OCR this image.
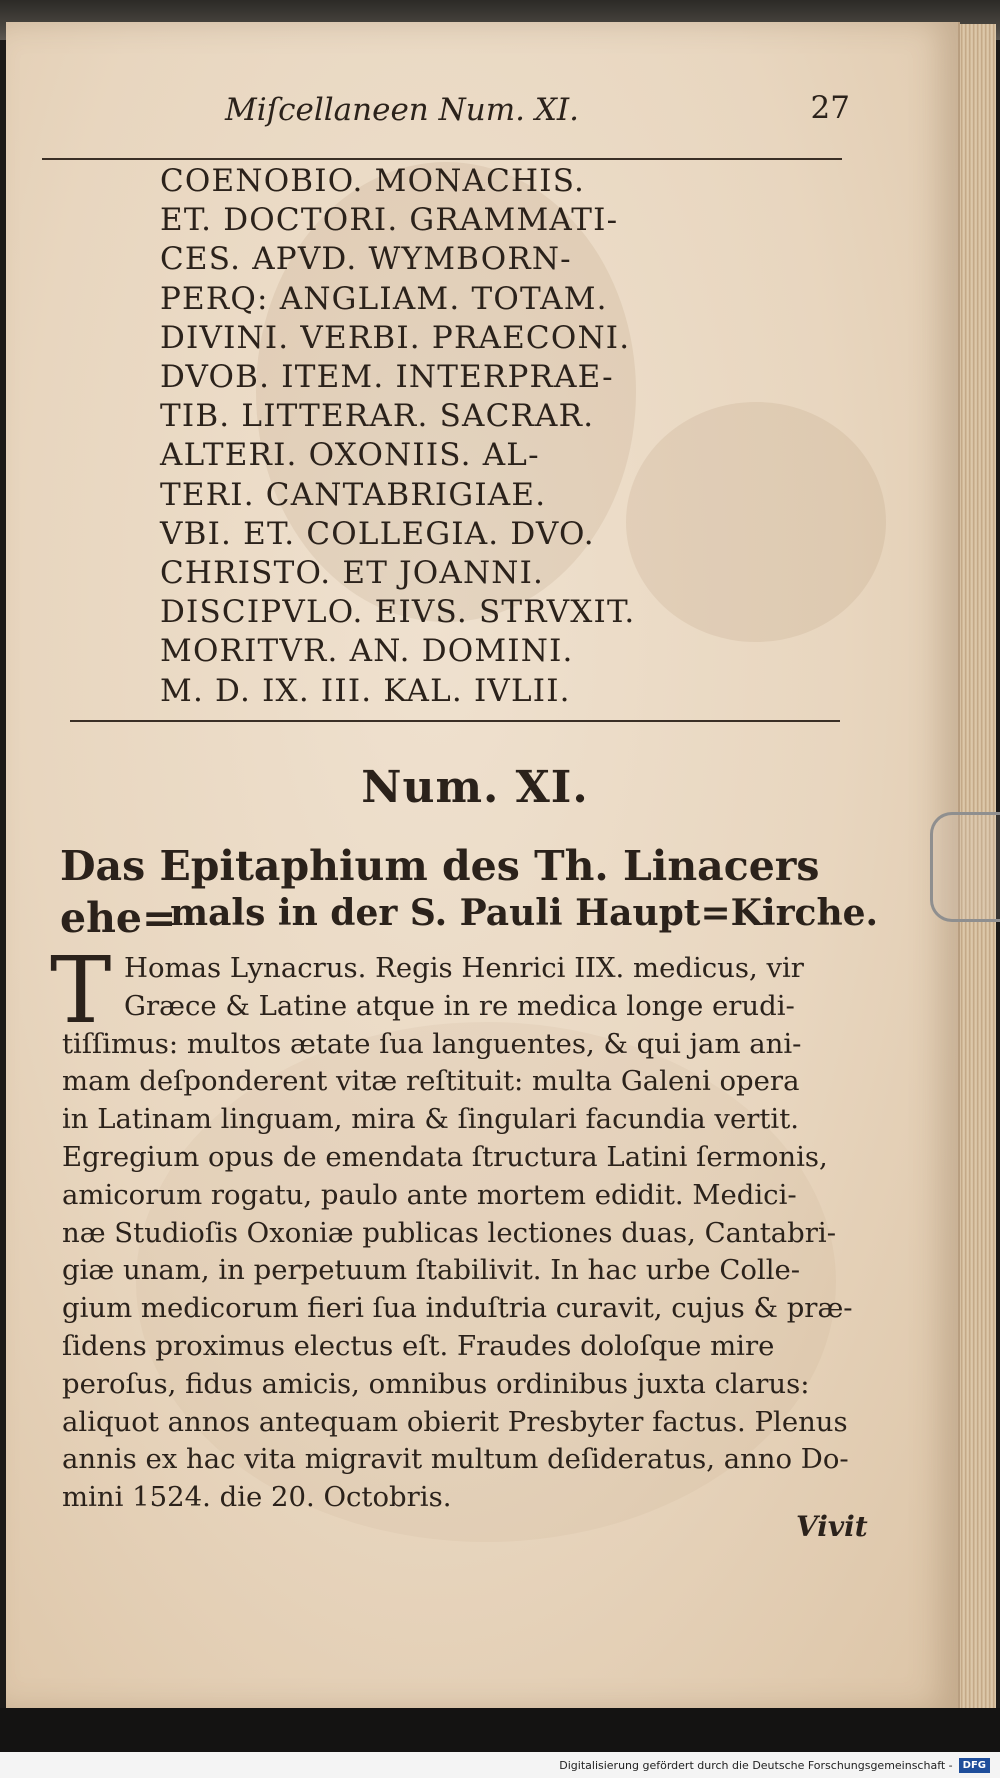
Miſcellaneen Num. XI.	27
COENOBIO. MONACHIS.
ET. DOCTORI. GRAMMATI-
CES. APVD. WYMBORN-
PERQ: ANGLIAM. TOTAM.
DIVINI. VERBI. PRAECONI.
DVOB. ITEM. INTERPRAE-
TIB. LITTERAR. SACRAR.
ALTERI. OXONIIS. AL-
TERI. CANTABRIGIAE.
VBI. ET. COLLEGIA. DVO.
CHRISTO. ET JOANNI.
DISCIPVLO. EIVS. STRVXIT.
MORITVR. AN. DOMINI.
M. D. IX. III. KAL. IVLII.
Num. XI.
Das Epitaphium des Th. Linacers ehe=
mals in der S. Pauli Haupt=Kirche.
T Homas Lynacrus. Regis Henrici IIX. medicus, vir
Græce & Latine atque in re medica longe erudi-
tiſſimus: multos ætate ſua languentes, & qui jam ani-
mam deſponderent vitæ reſtituit: multa Galeni opera
in Latinam linguam, mira & ſingulari facundia vertit.
Egregium opus de emendata ſtructura Latini ſermonis,
amicorum rogatu, paulo ante mortem edidit. Medici-
næ Studioſis Oxoniæ publicas lectiones duas, Cantabri-
giæ unam, in perpetuum ſtabilivit. In hac urbe Colle-
gium medicorum fieri ſua induſtria curavit, cujus & præ-
ſidens proximus electus eſt. Fraudes doloſque mire
peroſus, fidus amicis, omnibus ordinibus juxta clarus:
aliquot annos antequam obierit Presbyter factus. Plenus
annis ex hac vita migravit multum deſideratus, anno Do-
mini 1524. die 20. Octobris.
Vivit
Digitalisierung gefördert durch die Deutsche Forschungsgemeinschaft -	DFG
